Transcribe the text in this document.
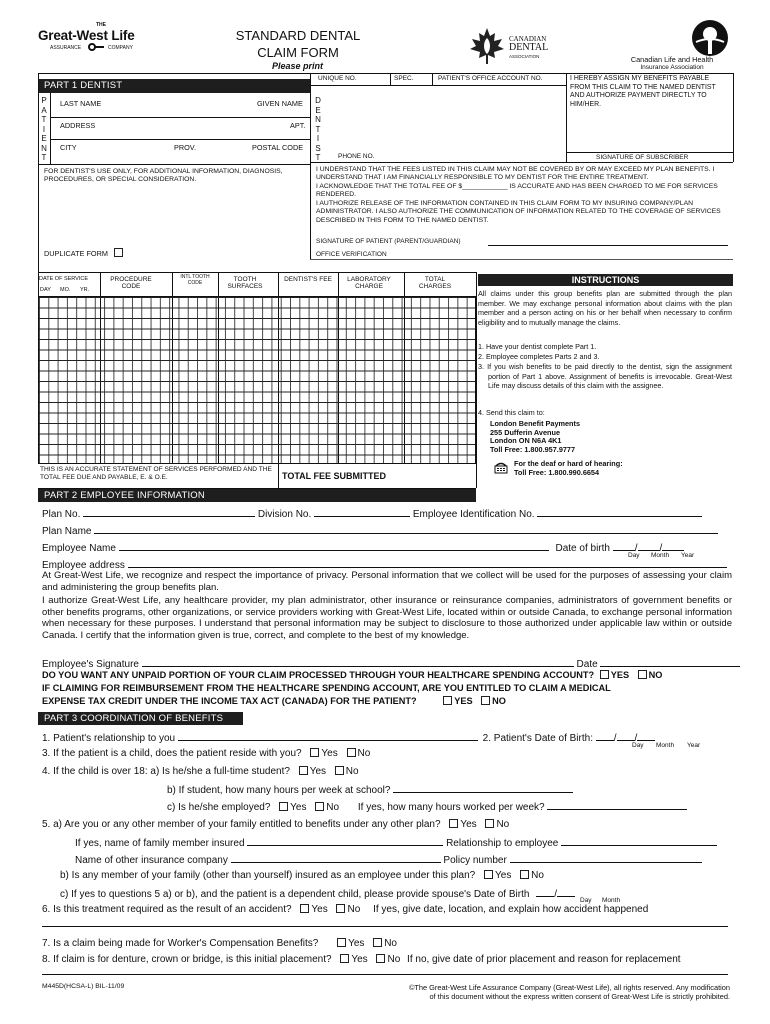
THE
Great-West Life
ASSURANCE	COMPANY
STANDARD DENTAL
CLAIM FORM
Please print
CANADIAN
DENTAL
ASSOCIATION	Canadian Life and Health
Insurance Association
PART 1 DENTIST
P
A
T
I
E
N
T
LAST NAME	GIVEN NAME
ADDRESS	APT.
CITY	PROV.	POSTAL CODE
D
E
N
T
I
S
T
UNIQUE NO.	SPEC.	PATIENT'S OFFICE ACCOUNT NO.
PHONE NO.
I HEREBY ASSIGN MY BENEFITS PAYABLE FROM THIS CLAIM TO THE NAMED DENTIST AND AUTHORIZE PAYMENT DIRECTLY TO HIM/HER.
SIGNATURE OF SUBSCRIBER
I UNDERSTAND THAT THE FEES LISTED IN THIS CLAIM MAY NOT BE COVERED BY OR MAY EXCEED MY PLAN BENEFITS. I UNDERSTAND THAT I AM FINANCIALLY RESPONSIBLE TO MY DENTIST FOR THE ENTIRE TREATMENT.
I ACKNOWLEDGE THAT THE TOTAL FEE OF $____________ IS ACCURATE AND HAS BEEN CHARGED TO ME FOR SERVICES RENDERED.
I AUTHORIZE RELEASE OF THE INFORMATION CONTAINED IN THIS CLAIM FORM TO MY INSURING COMPANY/PLAN ADMINISTRATOR. I ALSO AUTHORIZE THE COMMUNICATION OF INFORMATION RELATED TO THE COVERAGE OF SERVICES DESCRIBED IN THIS FORM TO THE NAMED DENTIST.
SIGNATURE OF PATIENT (PARENT/GUARDIAN)
OFFICE VERIFICATION
FOR DENTIST'S USE ONLY, FOR ADDITIONAL INFORMATION, DIAGNOSIS, PROCEDURES, OR SPECIAL CONSIDERATION.
DUPLICATE FORM
DATE OF SERVICE
DAY MO. YR.
PROCEDURE CODE
INTL TOOTH CODE	TOOTH SURFACES
DENTIST'S FEE	LABORATORY CHARGE
TOTAL CHARGES
THIS IS AN ACCURATE STATEMENT OF SERVICES PERFORMED AND THE TOTAL FEE DUE AND PAYABLE, E. & O.E.	TOTAL FEE SUBMITTED
INSTRUCTIONS
All claims under this group benefits plan are submitted through the plan member. We may exchange personal information about claims with the plan member and a person acting on his or her behalf when necessary to confirm eligibility and to mutually manage the claims.
1. Have your dentist complete Part 1.
2. Employee completes Parts 2 and 3.
3. If you wish benefits to be paid directly to the dentist, sign the assignment portion of Part 1 above. Assignment of benefits is irrevocable. Great-West Life may discuss details of this claim with the assignee.
4. Send this claim to:
London Benefit Payments
255 Dufferin Avenue
London ON N6A 4K1
Toll Free: 1.800.957.9777
For the deaf or hard of hearing:
Toll Free: 1.800.990.6654
PART 2 EMPLOYEE INFORMATION
Plan No.	Division No.	Employee Identification No.
Plan Name
Employee Name	Date of birth / /
Day Month Year
Employee address
At Great-West Life, we recognize and respect the importance of privacy. Personal information that we collect will be used for the purposes of assessing your claim and administering the group benefits plan.
I authorize Great-West Life, any healthcare provider, my plan administrator, other insurance or reinsurance companies, administrators of government benefits or other benefits programs, other organizations, or service providers working with Great-West Life, located within or outside Canada, to exchange personal information when necessary for these purposes. I understand that personal information may be subject to disclosure to those authorized under applicable law within or outside Canada. I certify that the information given is true, correct, and complete to the best of my knowledge.
Employee's Signature	Date
DO YOU WANT ANY UNPAID PORTION OF YOUR CLAIM PROCESSED THROUGH YOUR HEALTHCARE SPENDING ACCOUNT? YES NO
IF CLAIMING FOR REIMBURSEMENT FROM THE HEALTHCARE SPENDING ACCOUNT, ARE YOU ENTITLED TO CLAIM A MEDICAL
EXPENSE TAX CREDIT UNDER THE INCOME TAX ACT (CANADA) FOR THE PATIENT?	YES NO
PART 3 COORDINATION OF BENEFITS
1. Patient's relationship to you	2. Patient's Date of Birth: / /
Day Month Year
3. If the patient is a child, does the patient reside with you? Yes No
4. If the child is over 18: a) Is he/she a full-time student? Yes No
b) If student, how many hours per week at school?
c) Is he/she employed? Yes No If yes, how many hours worked per week?
5. a) Are you or any other member of your family entitled to benefits under any other plan? Yes No
If yes, name of family member insured	Relationship to employee
Name of other insurance company	Policy number
b) Is any member of your family (other than yourself) insured as an employee under this plan? Yes No
c) If yes to questions 5 a) or b), and the patient is a dependent child, please provide spouse's Date of Birth /
Day Month
6. Is this treatment required as the result of an accident? Yes No If yes, give date, location, and explain how accident happened
7. Is a claim being made for Worker's Compensation Benefits?	Yes No
8. If claim is for denture, crown or bridge, is this initial placement? Yes No If no, give date of prior placement and reason for replacement
M445D(HCSA-L) BIL-11/09	©The Great-West Life Assurance Company (Great-West Life), all rights reserved. Any modification
of this document without the express written consent of Great-West Life is strictly prohibited.
